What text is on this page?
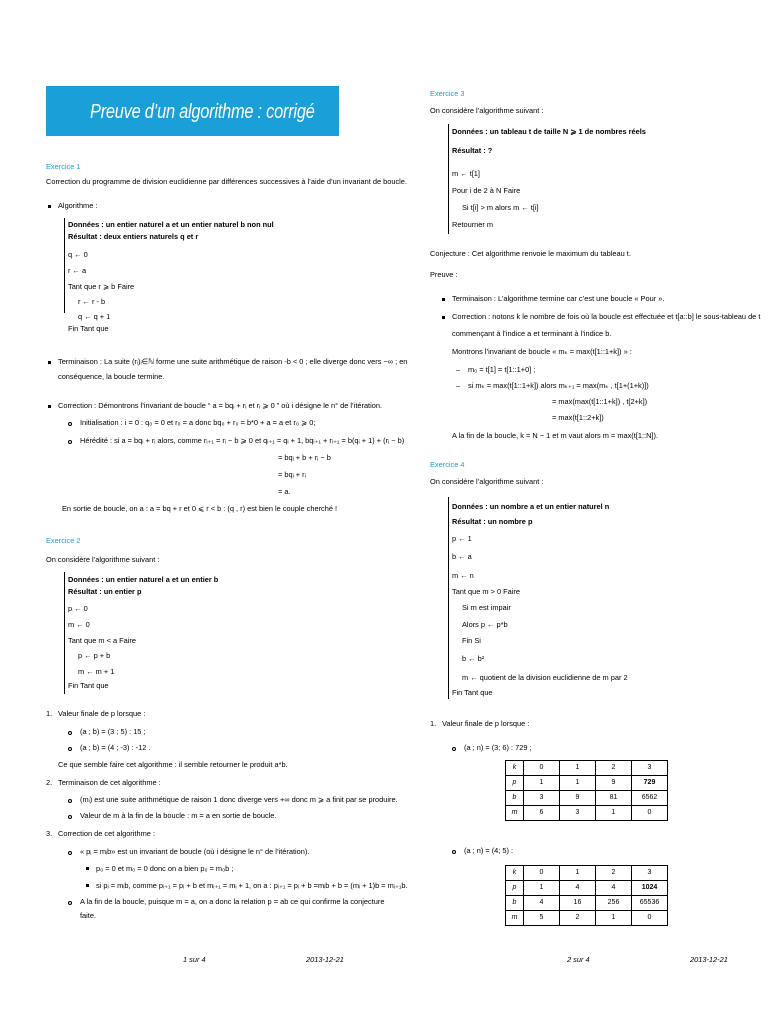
Preuve d’un algorithme : corrigé
Exercice 1
Correction du programme de division euclidienne par différences successives à l’aide d’un invariant de boucle.
Algorithme :
Données : un entier naturel a et un entier naturel b non nul
Résultat : deux entiers naturels q et r
q ← 0
r ← a
Tant que r ⩾ b Faire
r ← r - b
q ← q + 1
Fin Tant que
Terminaison : La suite (rᵢ)ᵢ∈ℕ forme une suite arithmétique de raison -b < 0 ; elle diverge donc vers −∞ ; en
conséquence, la boucle termine.
Correction : Démontrons l’invariant de boucle “ a = bqᵢ + rᵢ et rᵢ ⩾ 0 ” où i désigne le n° de l’itération.
Initialisation : i = 0 : q₀ = 0 et r₀ = a donc bq₀ + r₀ = b*0 + a = a et r₀ ⩾ 0;
Hérédité : si a = bqᵢ + rᵢ alors, comme rᵢ₊₁ = rᵢ − b ⩾ 0 et qᵢ₊₁ = qᵢ + 1, bqᵢ₊₁ + rᵢ₊₁ = b(qᵢ + 1) + (rᵢ − b)
= bqᵢ + b + rᵢ − b
= bqᵢ + rᵢ
= a.
En sortie de boucle, on a : a = bq + r et 0 ⩽ r < b : (q , r) est bien le couple cherché !
Exercice 2
On considère l’algorithme suivant :
Données : un entier naturel a et un entier b
Résultat : un entier p
p ← 0
m ← 0
Tant que m < a Faire
p ← p + b
m ← m + 1
Fin Tant que
1. Valeur finale de p lorsque :
(a ; b) = (3 ; 5) : 15 ;
(a ; b) = (4 ; -3) : -12 .
Ce que semble faire cet algorithme : il semble retourner le produit a*b.
2. Terminaison de cet algorithme :
(mᵢ) est une suite arithmétique de raison 1 donc diverge vers +∞ donc m ⩾ a finit par se produire.
Valeur de m à la fin de la boucle : m = a en sortie de boucle.
3. Correction de cet algorithme :
« pᵢ = mᵢb» est un invariant de boucle (où i désigne le n° de l’itération).
p₀ = 0 et m₀ = 0 donc on a bien p₀ = m₀b ;
si pᵢ = mᵢb, comme pᵢ₊₁ = pᵢ + b et mᵢ₊₁ = mᵢ + 1, on a : pᵢ₊₁ = pᵢ + b =mᵢb + b = (mᵢ + 1)b = mᵢ₊₁b.
A la fin de la boucle, puisque m = a, on a donc la relation p = ab ce qui confirme la conjecture
faite.
1 sur 4	2013-12-21
Exercice 3
On considère l’algorithme suivant :
Données : un tableau t de taille N ⩾ 1 de nombres réels
Résultat : ?
m ← t[1]
Pour i de 2 à N Faire
Si t[i] > m alors m ← t[i]
Retourner m
Conjecture : Cet algorithme renvoie le maximum du tableau t.
Preuve :
Terminaison : L’algorithme termine car c’est une boucle « Pour ».
Correction : notons k le nombre de fois où la boucle est effectuée et t[a::b] le sous-tableau de t
commençant à l’indice a et terminant à l’indice b.
Montrons l’invariant de boucle « mₖ = max(t[1::1+k]) » :
– m₀ = t[1] = t[1::1+0] ;
– si mₖ = max(t[1::1+k]) alors mₖ₊₁ = max(mₖ , t[1+(1+k)])
= max(max(t[1::1+k]) , t[2+k])
= max(t[1::2+k])
A la fin de la boucle, k = N − 1 et m vaut alors m = max(t[1::N]).
Exercice 4
On considère l’algorithme suivant :
Données : un nombre a et un entier naturel n
Résultat : un nombre p
p ← 1
b ← a
m ← n
Tant que m > 0 Faire
Si m est impair
Alors p ← p*b
Fin Si
b ← b²
m ← quotient de la division euclidienne de m par 2
Fin Tant que
1. Valeur finale de p lorsque :
(a ; n) = (3; 6) : 729 ;
k	0	1	2	3
p	1	1	9	729
b	3	9	81	6562
m	6	3	1	0
(a ; n) = (4; 5) :
k	0	1	2	3
p	1	4	4	1024
b	4	16	256	65536
m	5	2	1	0
2 sur 4	2013-12-21
